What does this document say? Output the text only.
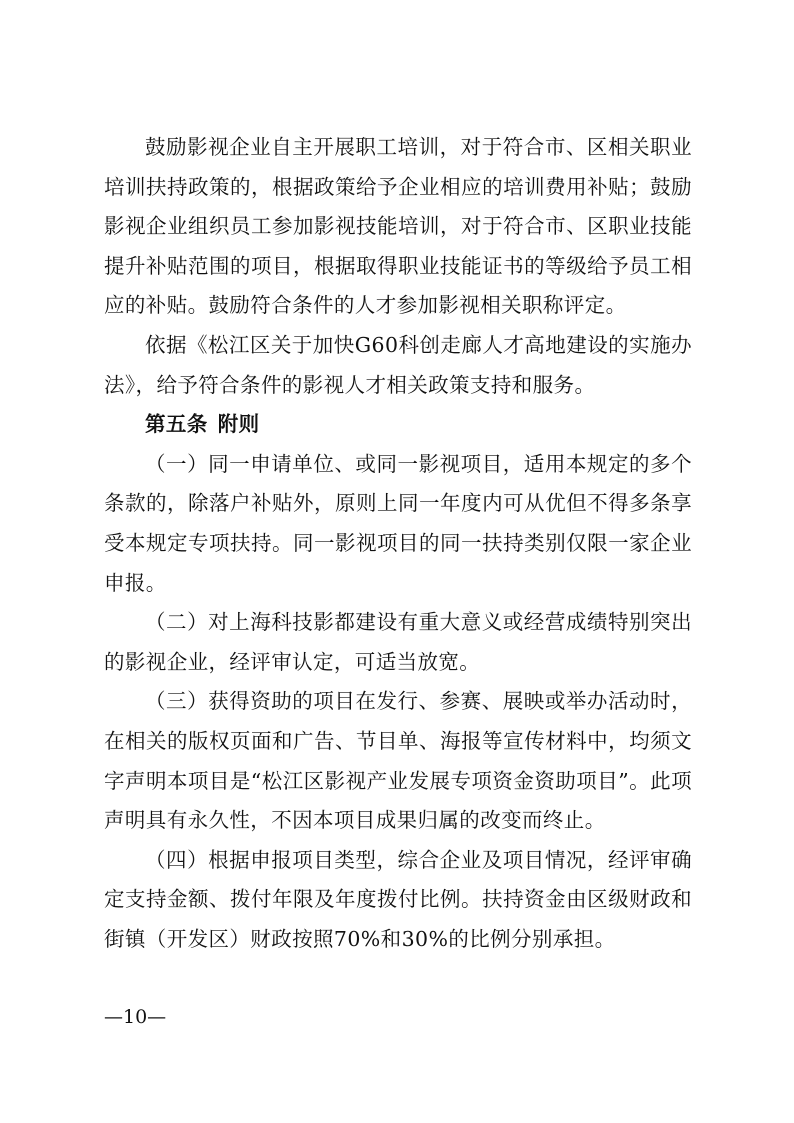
鼓励影视企业自主开展职工培训，对于符合市、区相关职业培训扶持政策的，根据政策给予企业相应的培训费用补贴；鼓励影视企业组织员工参加影视技能培训，对于符合市、区职业技能提升补贴范围的项目，根据取得职业技能证书的等级给予员工相应的补贴。鼓励符合条件的人才参加影视相关职称评定。

依据《松江区关于加快G60科创走廊人才高地建设的实施办法》，给予符合条件的影视人才相关政策支持和服务。

第五条 附则

（一）同一申请单位、或同一影视项目，适用本规定的多个条款的，除落户补贴外，原则上同一年度内可从优但不得多条享受本规定专项扶持。同一影视项目的同一扶持类别仅限一家企业申报。

（二）对上海科技影都建设有重大意义或经营成绩特别突出的影视企业，经评审认定，可适当放宽。

（三）获得资助的项目在发行、参赛、展映或举办活动时，在相关的版权页面和广告、节目单、海报等宣传材料中，均须文字声明本项目是“松江区影视产业发展专项资金资助项目”。此项声明具有永久性，不因本项目成果归属的改变而终止。

（四）根据申报项目类型，综合企业及项目情况，经评审确定支持金额、拨付年限及年度拨付比例。扶持资金由区级财政和街镇（开发区）财政按照70%和30%的比例分别承担。

—10—
